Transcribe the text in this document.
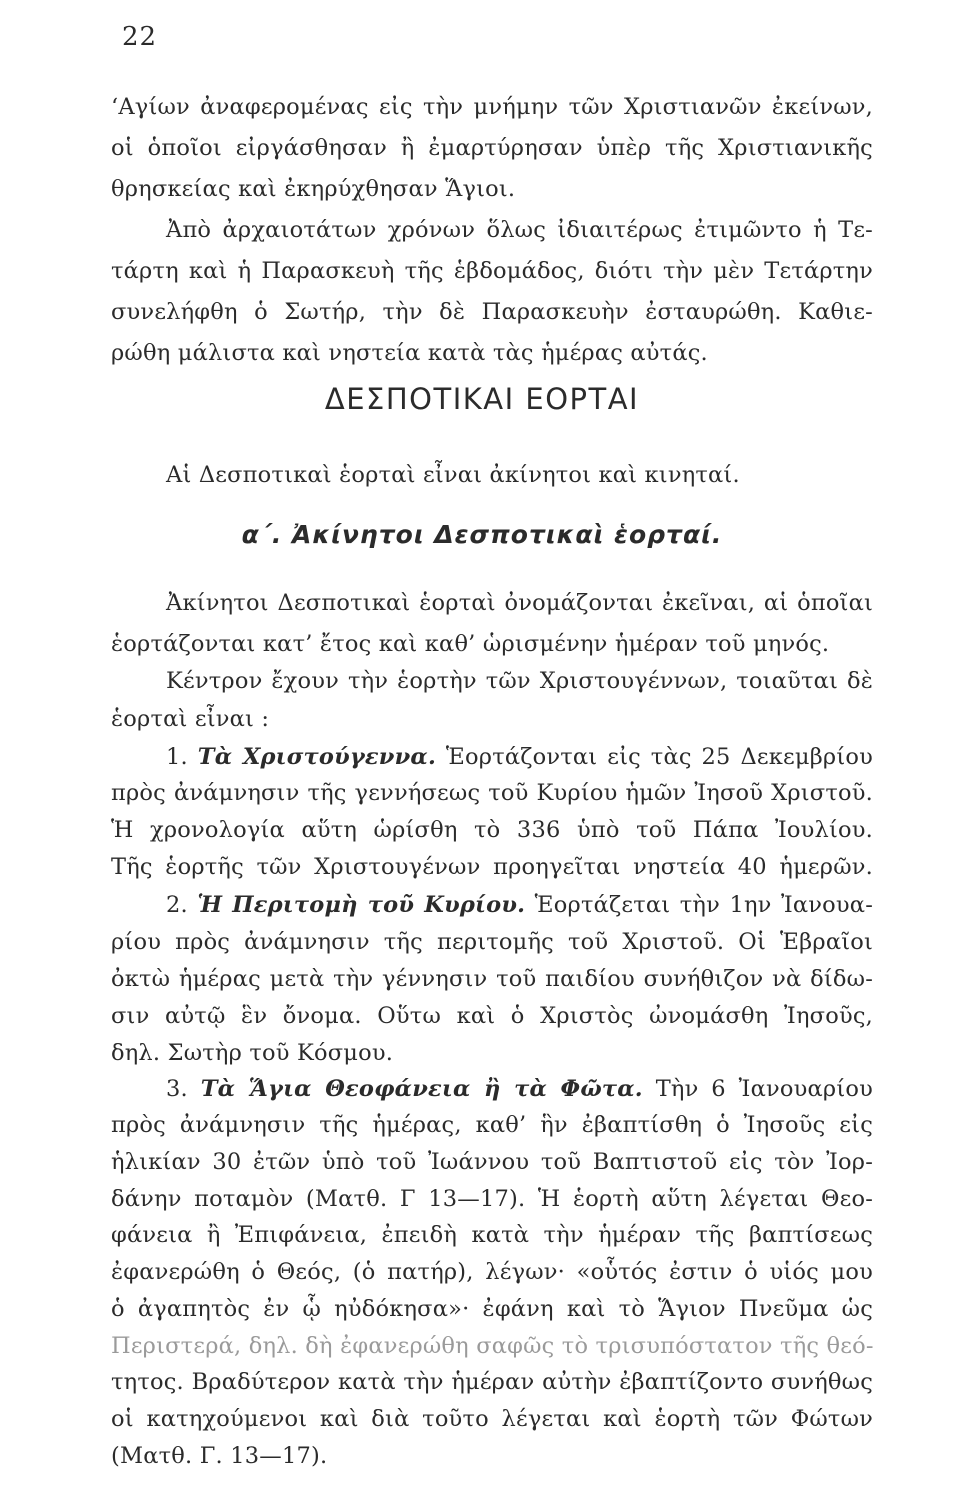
22
‘Αγίων ἀναφερομένας εἰς τὴν μνήμην τῶν Χριστιανῶν ἐκείνων,
οἱ ὁποῖοι εἰργάσθησαν ἢ ἐμαρτύρησαν ὑπὲρ τῆς Χριστιανικῆς
θρησκείας καὶ ἐκηρύχθησαν Ἅγιοι.
Ἀπὸ ἀρχαιοτάτων χρόνων ὅλως ἰδιαιτέρως ἐτιμῶντο ἡ Τε-
τάρτη καὶ ἡ Παρασκευὴ τῆς ἑβδομάδος, διότι τὴν μὲν Τετάρτην
συνελήφθη ὁ Σωτήρ, τὴν δὲ Παρασκευὴν ἐσταυρώθη. Καθιε-
ρώθη μάλιστα καὶ νηστεία κατὰ τὰς ἡμέρας αὐτάς.
ΔΕΣΠΟΤΙΚΑΙ ΕΟΡΤΑΙ
Αἱ Δεσποτικαὶ ἑορταὶ εἶναι ἀκίνητοι καὶ κινηταί.
α΄. Ἀκίνητοι Δεσποτικαὶ ἑορταί.
Ἀκίνητοι Δεσποτικαὶ ἑορταὶ ὀνομάζονται ἐκεῖναι, αἱ ὁποῖαι
ἑορτάζονται κατ’ ἔτος καὶ καθ’ ὡρισμένην ἡμέραν τοῦ μηνός.
Κέντρον ἔχουν τὴν ἑορτὴν τῶν Χριστουγέννων, τοιαῦται δὲ
ἑορταὶ εἶναι :
1. Τὰ Χριστούγεννα. Ἑορτάζονται εἰς τὰς 25 Δεκεμβρίου
πρὸς ἀνάμνησιν τῆς γεννήσεως τοῦ Κυρίου ἡμῶν Ἰησοῦ Χριστοῦ.
Ἡ χρονολογία αὕτη ὡρίσθη τὸ 336 ὑπὸ τοῦ Πάπα Ἰουλίου.
Τῆς ἑορτῆς τῶν Χριστουγένων προηγεῖται νηστεία 40 ἡμερῶν.
2. Ἡ Περιτομὴ τοῦ Κυρίου. Ἑορτάζεται τὴν 1ην Ἰανουα-
ρίου πρὸς ἀνάμνησιν τῆς περιτομῆς τοῦ Χριστοῦ. Οἱ Ἑβραῖοι
ὀκτὼ ἡμέρας μετὰ τὴν γέννησιν τοῦ παιδίου συνήθιζον νὰ δίδω-
σιν αὐτῷ ἓν ὄνομα. Οὕτω καὶ ὁ Χριστὸς ὠνομάσθη Ἰησοῦς,
δηλ. Σωτὴρ τοῦ Κόσμου.
3. Τὰ Ἅγια Θεοφάνεια ἢ τὰ Φῶτα. Τὴν 6 Ἰανουαρίου
πρὸς ἀνάμνησιν τῆς ἡμέρας, καθ’ ἣν ἐβαπτίσθη ὁ Ἰησοῦς εἰς
ἡλικίαν 30 ἐτῶν ὑπὸ τοῦ Ἰωάννου τοῦ Βαπτιστοῦ εἰς τὸν Ἰορ-
δάνην ποταμὸν (Ματθ. Γ 13—17). Ἡ ἑορτὴ αὕτη λέγεται Θεο-
φάνεια ἢ Ἐπιφάνεια, ἐπειδὴ κατὰ τὴν ἡμέραν τῆς βαπτίσεως
ἐφανερώθη ὁ Θεός, (ὁ πατήρ), λέγων· «οὗτός ἐστιν ὁ υἱός μου
ὁ ἀγαπητὸς ἐν ᾧ ηὐδόκησα»· ἐφάνη καὶ τὸ Ἅγιον Πνεῦμα ὡς
Περιστερά, δηλ. δὴ ἐφανερώθη σαφῶς τὸ τρισυπόστατον τῆς θεό-
τητος. Βραδύτερον κατὰ τὴν ἡμέραν αὐτὴν ἐβαπτίζοντο συνήθως
οἱ κατηχούμενοι καὶ διὰ τοῦτο λέγεται καὶ ἑορτὴ τῶν Φώτων
(Ματθ. Γ. 13—17).
